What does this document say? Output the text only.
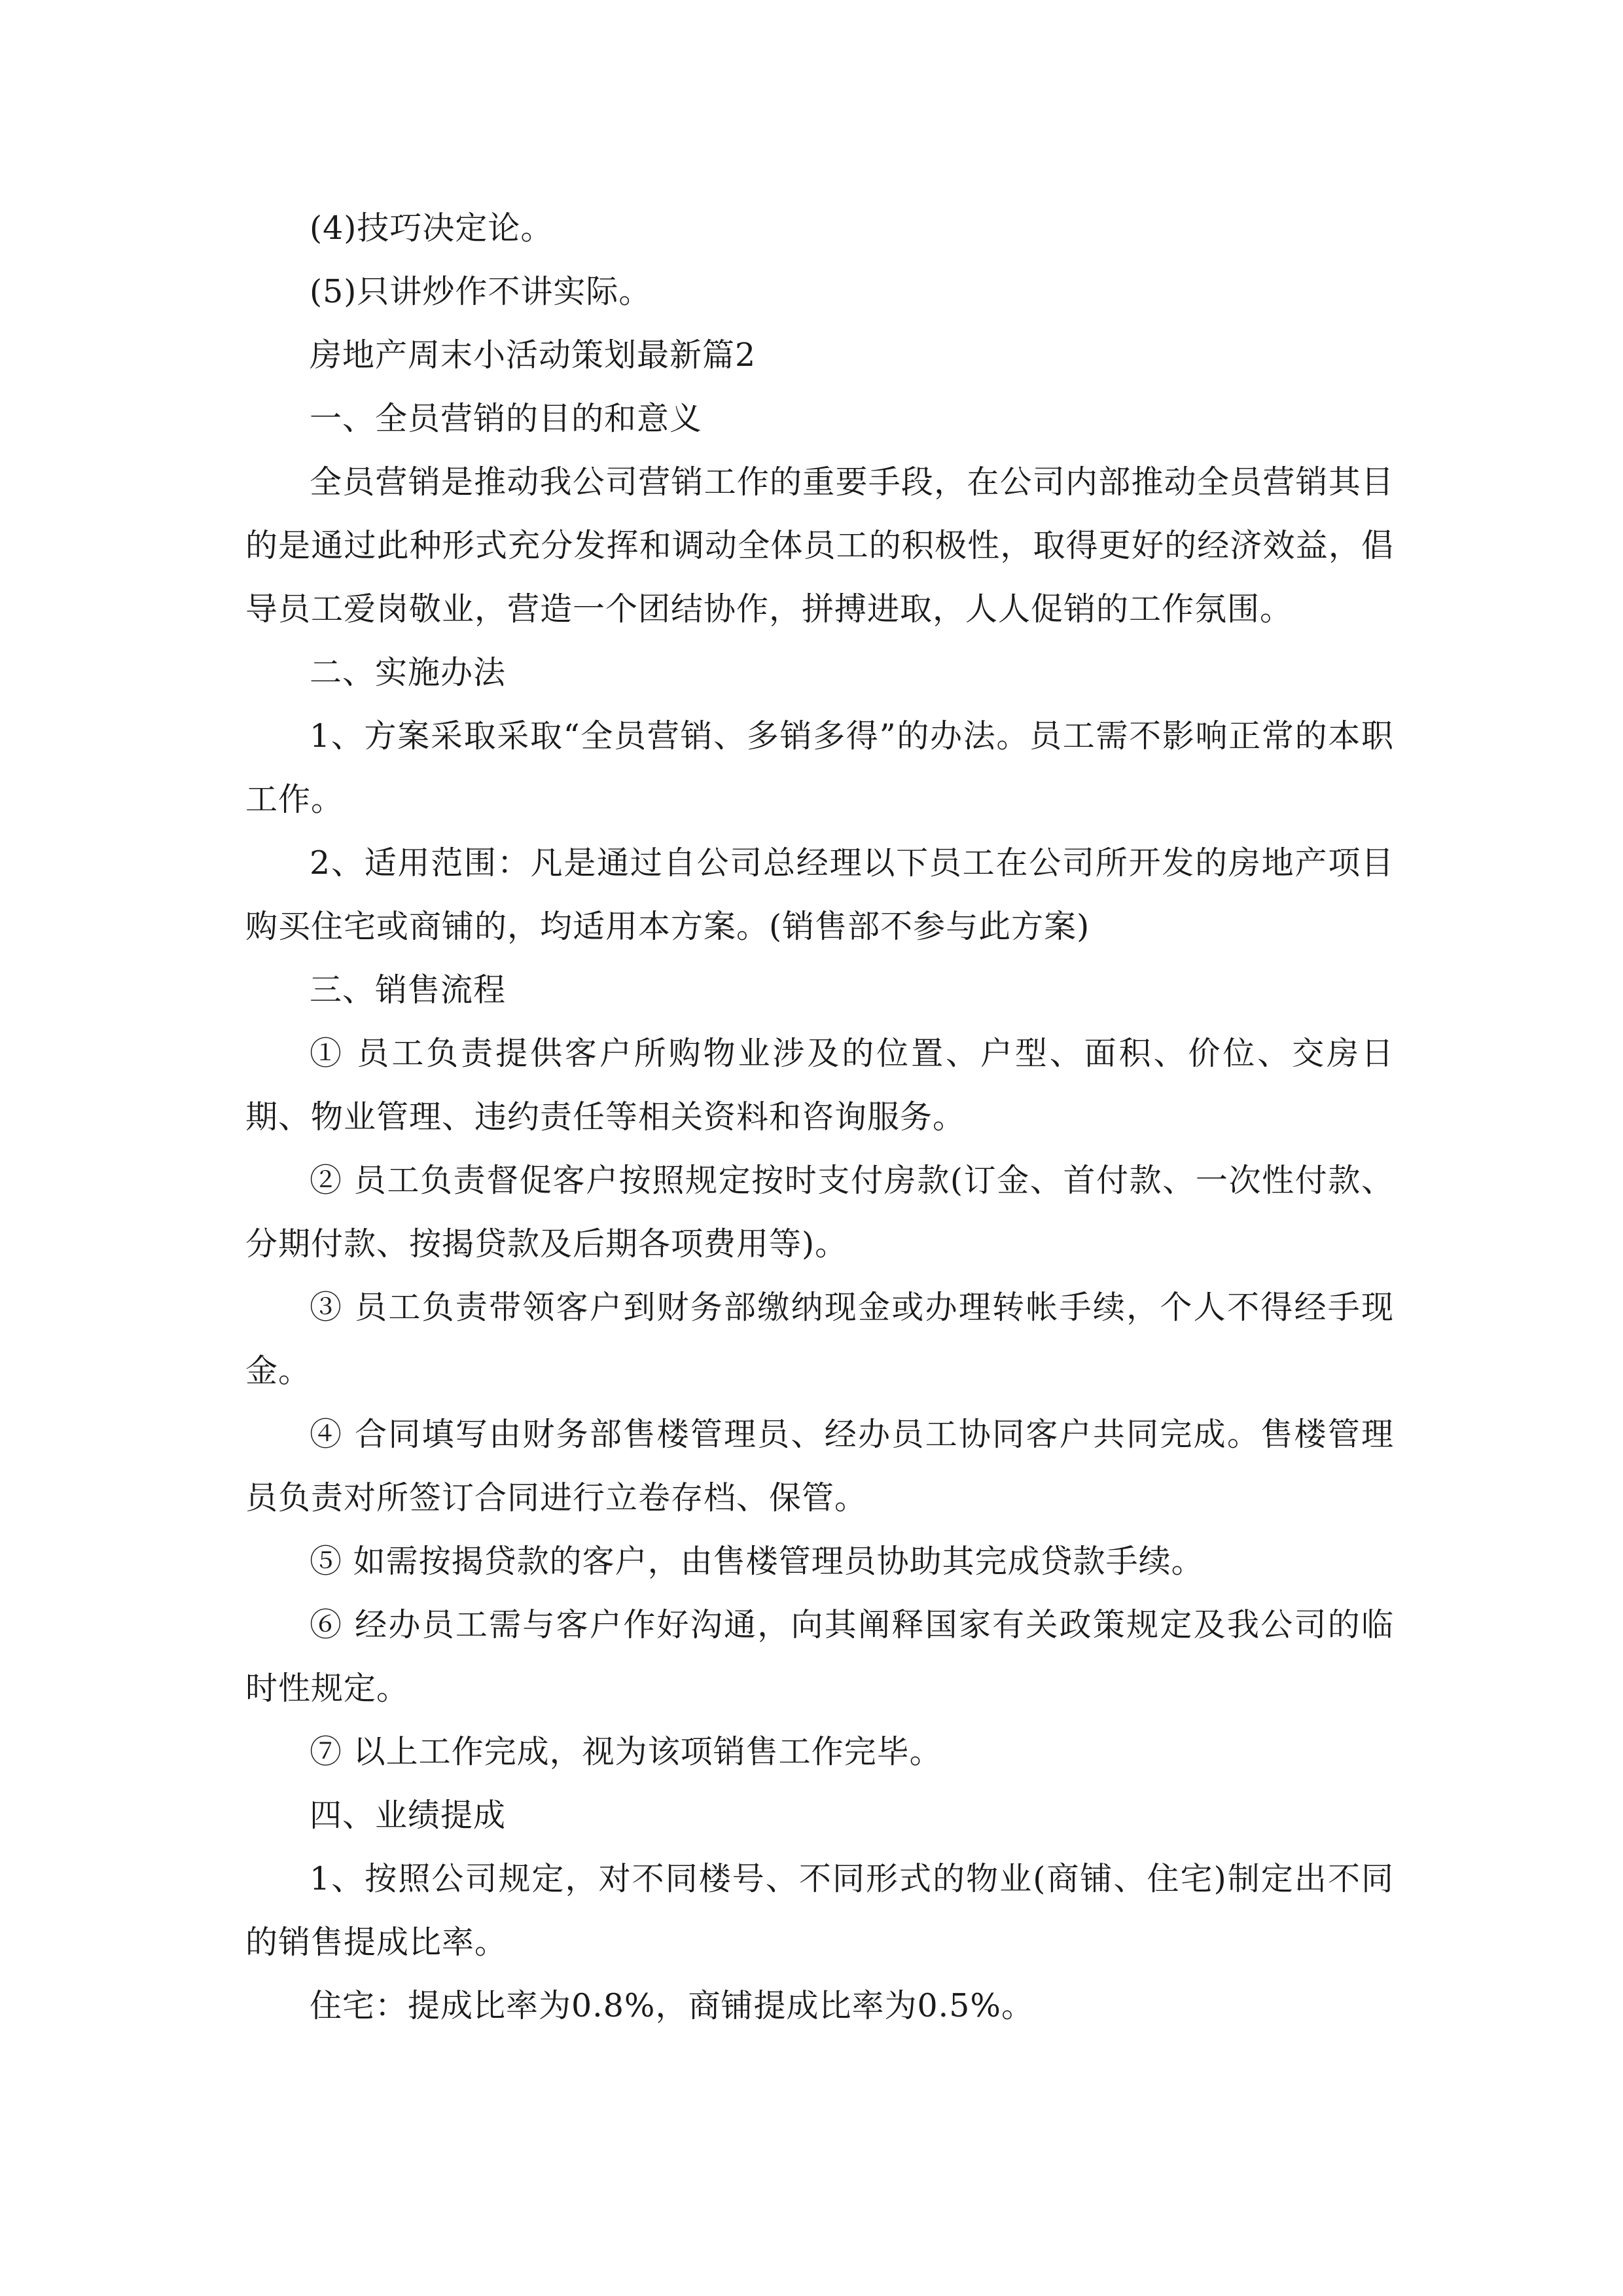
(4)技巧决定论。

(5)只讲炒作不讲实际。

房地产周末小活动策划最新篇2

一、全员营销的目的和意义

全员营销是推动我公司营销工作的重要手段，在公司内部推动全员营销其目的是通过此种形式充分发挥和调动全体员工的积极性，取得更好的经济效益，倡导员工爱岗敬业，营造一个团结协作，拼搏进取，人人促销的工作氛围。

二、实施办法

1、方案采取采取“全员营销、多销多得”的办法。员工需不影响正常的本职工作。

2、适用范围：凡是通过自公司总经理以下员工在公司所开发的房地产项目购买住宅或商铺的，均适用本方案。(销售部不参与此方案)

三、销售流程

① 员工负责提供客户所购物业涉及的位置、户型、面积、价位、交房日期、物业管理、违约责任等相关资料和咨询服务。

② 员工负责督促客户按照规定按时支付房款(订金、首付款、一次性付款、分期付款、按揭贷款及后期各项费用等)。

③ 员工负责带领客户到财务部缴纳现金或办理转帐手续，个人不得经手现金。

④ 合同填写由财务部售楼管理员、经办员工协同客户共同完成。售楼管理员负责对所签订合同进行立卷存档、保管。

⑤ 如需按揭贷款的客户，由售楼管理员协助其完成贷款手续。

⑥ 经办员工需与客户作好沟通，向其阐释国家有关政策规定及我公司的临时性规定。

⑦ 以上工作完成，视为该项销售工作完毕。

四、业绩提成

1、按照公司规定，对不同楼号、不同形式的物业(商铺、住宅)制定出不同的销售提成比率。

住宅：提成比率为0.8%，商铺提成比率为0.5%。
